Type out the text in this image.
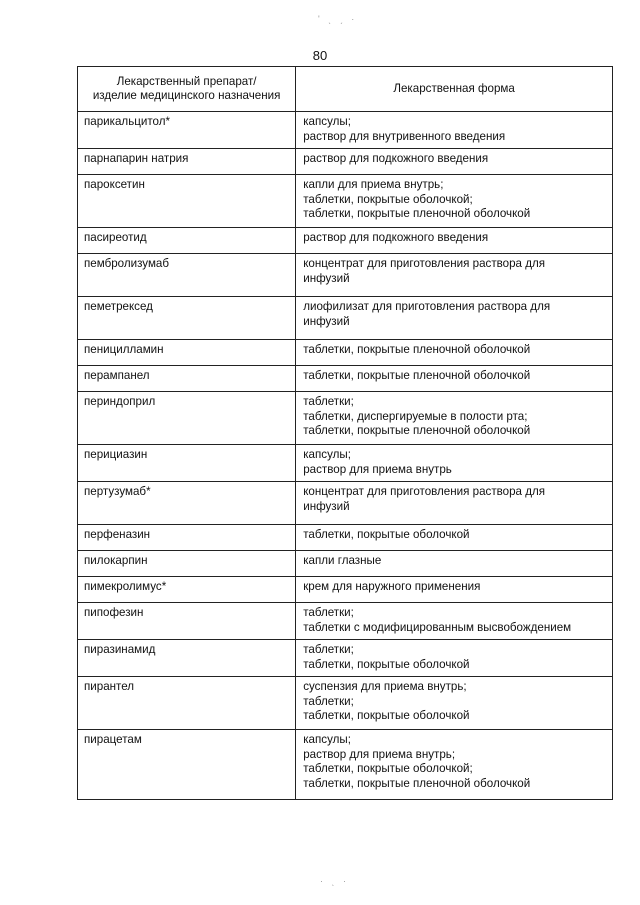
' ˎ ˏ ·
80
Лекарственный препарат/
изделие медицинского назначения	Лекарственная форма
парикальцитол*	капсулы;
раствор для внутривенного введения

парнапарин натрия	раствор для подкожного введения

пароксетин	капли для приема внутрь;
таблетки, покрытые оболочкой;
таблетки, покрытые пленочной оболочкой

пасиреотид	раствор для подкожного введения

пембролизумаб	концентрат для приготовления раствора для
инфузий

пеметрексед	лиофилизат для приготовления раствора для
инфузий

пеницилламин	таблетки, покрытые пленочной оболочкой

перампанел	таблетки, покрытые пленочной оболочкой

периндоприл	таблетки;
таблетки, диспергируемые в полости рта;
таблетки, покрытые пленочной оболочкой

перициазин	капсулы;
раствор для приема внутрь

пертузумаб*	концентрат для приготовления раствора для
инфузий

перфеназин	таблетки, покрытые оболочкой

пилокарпин	капли глазные

пимекролимус*	крем для наружного применения

пипофезин	таблетки;
таблетки с модифицированным высвобождением

пиразинамид	таблетки;
таблетки, покрытые оболочкой

пирантел	суспензия для приема внутрь;
таблетки;
таблетки, покрытые оболочкой

пирацетам	капсулы;
раствор для приема внутрь;
таблетки, покрытые оболочкой;
таблетки, покрытые пленочной оболочкой
· ˎ ·
